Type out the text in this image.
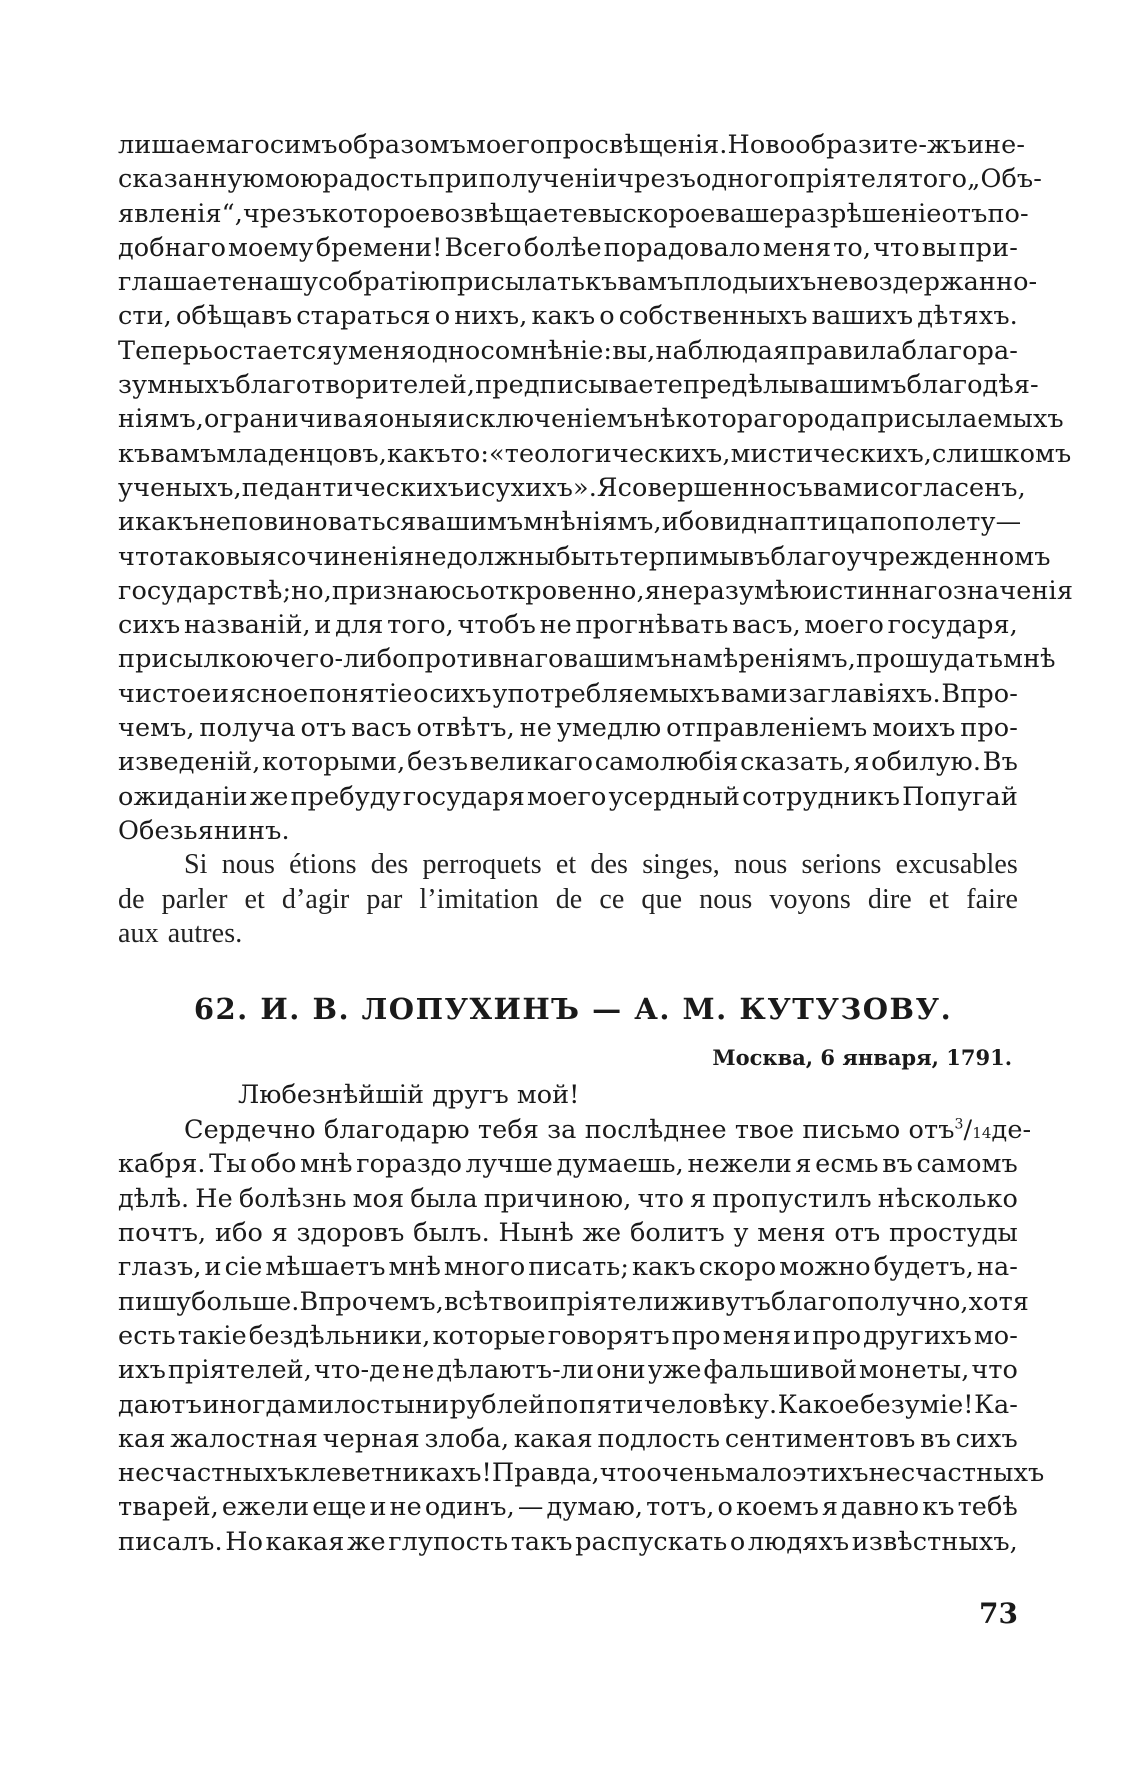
лишаемаго симъ образомъ моего просвѣщенія. Но вообразите-жъ и не-
сказанную мою радость при полученіи чрезъ одного пріятеля того „Объ-
явленія“, чрезъ которое возвѣщаете вы скорое ваше разрѣшеніе отъ по-
добнаго моему бремени! Всего болѣе порадовало меня то, что вы при-
глашаете нашу собратію присылать къ вамъ плоды ихъ невоздержанно-
сти, обѣщавъ стараться о нихъ, какъ о собственныхъ вашихъ дѣтяхъ.
Теперь остается у меня одно сомнѣніе: вы, наблюдая правила благора-
зумныхъ благотворителей, предписываете предѣлы вашимъ благодѣя-
ніямъ, ограничивая оныя исключеніемъ нѣкотораго рода присылаемыхъ
къ вамъ младенцовъ, какъ то: «теологическихъ, мистическихъ, слишкомъ
ученыхъ, педантическихъ и сухихъ». Я совершенно съ вами согласенъ,
и какъ не повиноваться вашимъ мнѣніямъ, ибо видна птица по полету —
что таковыя сочиненія не должны быть терпимы въ благоучрежденномъ
государствѣ; но, признаюсь откровенно, я не разумѣю истиннаго значенія
сихъ названій, и для того, чтобъ не прогнѣвать васъ, моего государя,
присылкою чего-либо противнаго вашимъ намѣреніямъ, прошу дать мнѣ
чистое и ясное понятіе о сихъ употребляемыхъ вами заглавіяхъ. Впро-
чемъ, получа отъ васъ отвѣтъ, не умедлю отправленіемъ моихъ про-
изведеній, которыми, безъ великаго самолюбія сказать, я обилую. Въ
ожиданіи же пребуду государя моего усердный сотрудникъ Попугай
Обезьянинъ.
Si nous étions des perroquets et des singes, nous serions excusables
de parler et d’agir par l’imitation de ce que nous voyons dire et faire
aux autres.
62. И. В. ЛОПУХИНЪ — А. М. КУТУЗОВУ.
Москва, 6 января, 1791.
Любезнѣйшій другъ мой!
Сердечно благодарю тебя за послѣднее твое письмо отъ $^3$/14 де-
кабря. Ты обо мнѣ гораздо лучше думаешь, нежели я есмь въ самомъ
дѣлѣ. Не болѣзнь моя была причиною, что я пропустилъ нѣсколько
почтъ, ибо я здоровъ былъ. Нынѣ же болитъ у меня отъ простуды
глазъ, и сіе мѣшаетъ мнѣ много писать; какъ скоро можно будетъ, на-
пишу больше. Впрочемъ, всѣ твои пріятели живутъ благополучно, хотя
есть такіе бездѣльники, которые говорятъ про меня и про другихъ мо-
ихъ пріятелей, что-де не дѣлаютъ-ли они уже фальшивой монеты, что
даютъ иногда милостыни рублей по пяти человѣку. Какое безуміе! Ка-
кая жалостная черная злоба, какая подлость сентиментовъ въ сихъ
несчастныхъ клеветникахъ! Правда, что очень мало этихъ несчастныхъ
тварей, ежели еще и не одинъ, — думаю, тотъ, о коемъ я давно къ тебѣ
писалъ. Но какая же глупость такъ распускать о людяхъ извѣстныхъ,
73
